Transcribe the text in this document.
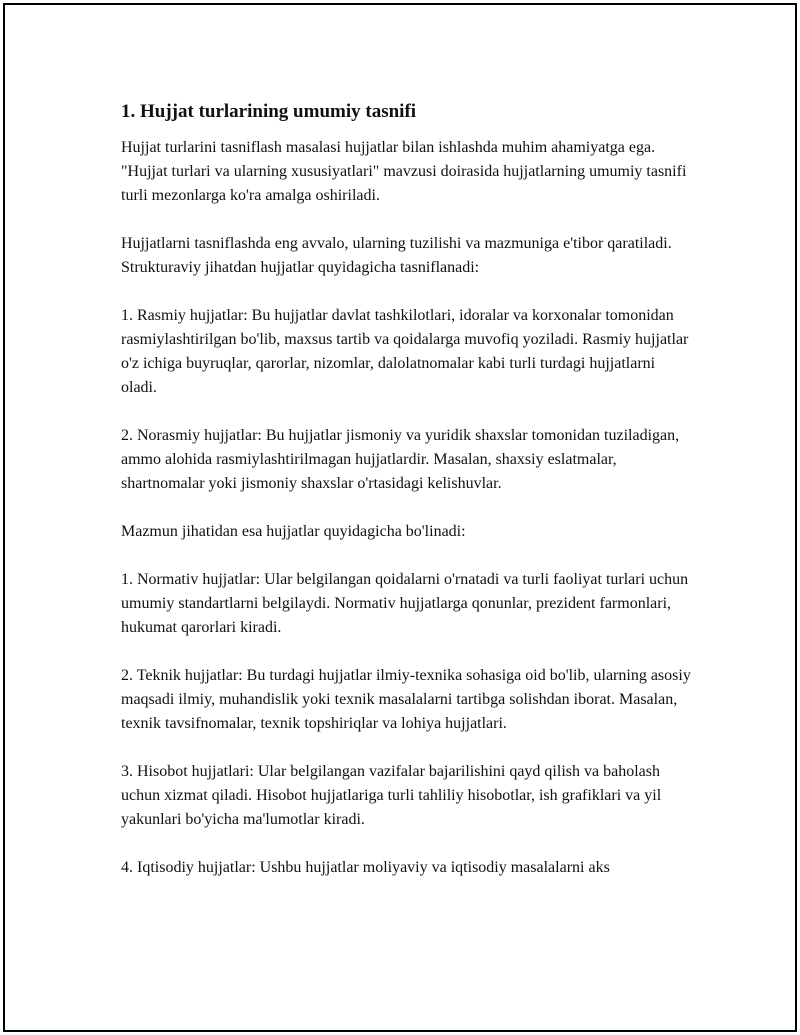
1. Hujjat turlarining umumiy tasnifi

Hujjat turlarini tasniflash masalasi hujjatlar bilan ishlashda muhim ahamiyatga ega. "Hujjat turlari va ularning xususiyatlari" mavzusi doirasida hujjatlarning umumiy tasnifi turli mezonlarga ko'ra amalga oshiriladi.

Hujjatlarni tasniflashda eng avvalo, ularning tuzilishi va mazmuniga e'tibor qaratiladi. Strukturaviy jihatdan hujjatlar quyidagicha tasniflanadi:

1. Rasmiy hujjatlar: Bu hujjatlar davlat tashkilotlari, idoralar va korxonalar tomonidan rasmiylashtirilgan bo'lib, maxsus tartib va qoidalarga muvofiq yoziladi. Rasmiy hujjatlar o'z ichiga buyruqlar, qarorlar, nizomlar, dalolatnomalar kabi turli turdagi hujjatlarni oladi.

2. Norasmiy hujjatlar: Bu hujjatlar jismoniy va yuridik shaxslar tomonidan tuziladigan, ammo alohida rasmiylashtirilmagan hujjatlardir. Masalan, shaxsiy eslatmalar, shartnomalar yoki jismoniy shaxslar o'rtasidagi kelishuvlar.

Mazmun jihatidan esa hujjatlar quyidagicha bo'linadi:

1. Normativ hujjatlar: Ular belgilangan qoidalarni o'rnatadi va turli faoliyat turlari uchun umumiy standartlarni belgilaydi. Normativ hujjatlarga qonunlar, prezident farmonlari, hukumat qarorlari kiradi.

2. Teknik hujjatlar: Bu turdagi hujjatlar ilmiy-texnika sohasiga oid bo'lib, ularning asosiy maqsadi ilmiy, muhandislik yoki texnik masalalarni tartibga solishdan iborat. Masalan, texnik tavsifnomalar, texnik topshiriqlar va lohiya hujjatlari.

3. Hisobot hujjatlari: Ular belgilangan vazifalar bajarilishini qayd qilish va baholash uchun xizmat qiladi. Hisobot hujjatlariga turli tahliliy hisobotlar, ish grafiklari va yil yakunlari bo'yicha ma'lumotlar kiradi.

4. Iqtisodiy hujjatlar: Ushbu hujjatlar moliyaviy va iqtisodiy masalalarni aks
